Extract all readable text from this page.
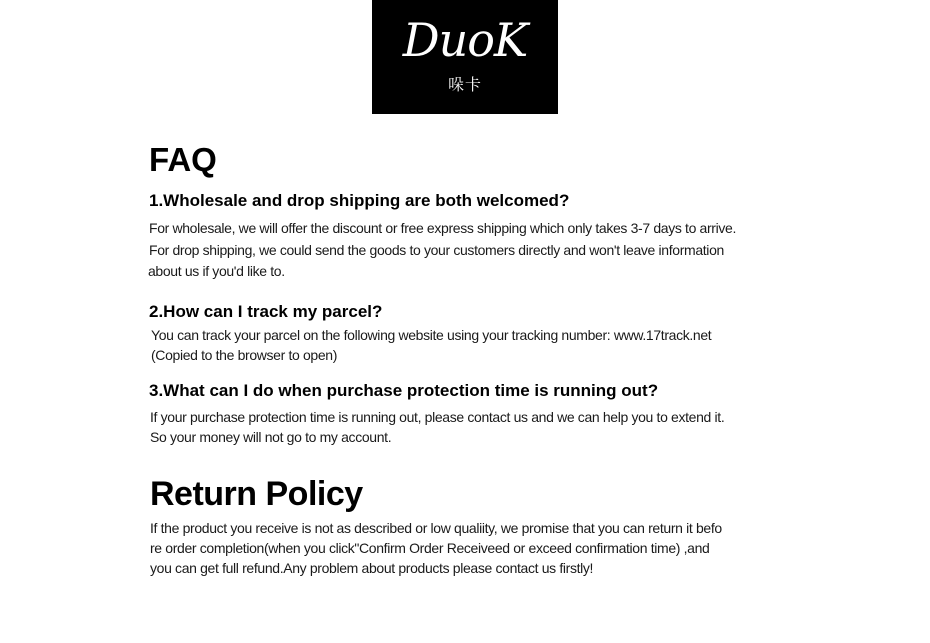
DuoK
哚卡
FAQ
1.Wholesale and drop shipping are both welcomed?

For wholesale, we will offer the discount or free express shipping which only takes 3-7 days to arrive.

For drop shipping, we could send the goods to your customers directly and won't leave information

about us if you'd like to.

2.How can I track my parcel?

You can track your parcel on the following website using your tracking number: www.17track.net

(Copied to the browser to open)

3.What can I do when purchase protection time is running out?

If your purchase protection time is running out, please contact us and we can help you to extend it.

So your money will not go to my account.

Return Policy

If the product you receive is not as described or low qualiity, we promise that you can return it befo

re order completion(when you click"Confirm Order Receiveed or exceed confirmation time) ,and

you can get full refund.Any problem about products please contact us firstly!
